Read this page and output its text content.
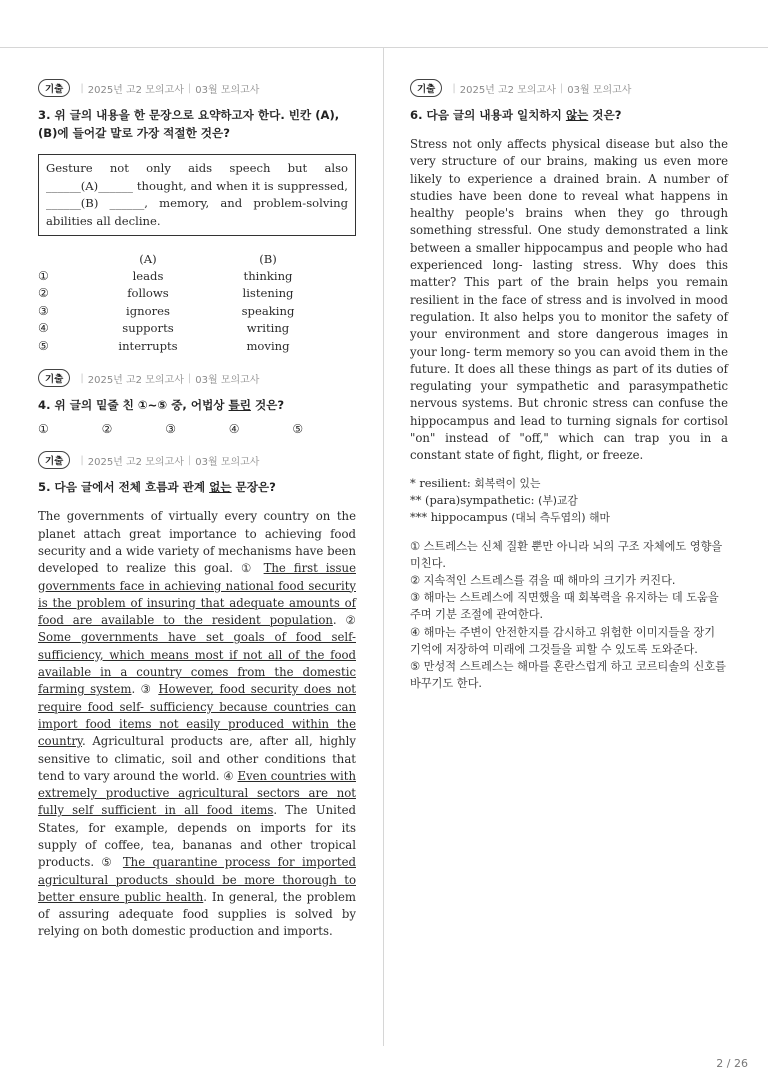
기출	| 2025년 고2 모의고사 | 03월 모의고사
3. 위 글의 내용을 한 문장으로 요약하고자 한다. 빈칸 (A), (B)에 들어갈 말로 가장 적절한 것은?
Gesture not only aids speech but also ______(A)______ thought, and when it is suppressed, ______(B) ______, memory, and problem-solving abilities all decline.
(A)	(B)
①	leads	thinking
②	follows	listening
③	ignores	speaking
④	supports	writing
⑤	interrupts	moving
기출	| 2025년 고2 모의고사 | 03월 모의고사
4. 위 글의 밑줄 친 ①~⑤ 중, 어법상 틀린 것은?
①	②	③	④	⑤
기출	| 2025년 고2 모의고사 | 03월 모의고사
5. 다음 글에서 전체 흐름과 관계 없는 문장은?
The governments of virtually every country on the planet attach great importance to achieving food security and a wide variety of mechanisms have been developed to realize this goal. ① The first issue governments face in achieving national food security is the problem of insuring that adequate amounts of food are available to the resident population. ② Some governments have set goals of food self- sufficiency, which means most if not all of the food available in a country comes from the domestic farming system. ③ However, food security does not require food self- sufficiency because countries can import food items not easily produced within the country. Agricultural products are, after all, highly sensitive to climatic, soil and other conditions that tend to vary around the world. ④ Even countries with extremely productive agricultural sectors are not fully self sufficient in all food items. The United States, for example, depends on imports for its supply of coffee, tea, bananas and other tropical products. ⑤ The quarantine process for imported agricultural products should be more thorough to better ensure public health. In general, the problem of assuring adequate food supplies is solved by relying on both domestic production and imports.
기출	| 2025년 고2 모의고사 | 03월 모의고사
6. 다음 글의 내용과 일치하지 않는 것은?
Stress not only affects physical disease but also the very structure of our brains, making us even more likely to experience a drained brain. A number of studies have been done to reveal what happens in healthy people's brains when they go through something stressful. One study demonstrated a link between a smaller hippocampus and people who had experienced long- lasting stress. Why does this matter? This part of the brain helps you remain resilient in the face of stress and is involved in mood regulation. It also helps you to monitor the safety of your environment and store dangerous images in your long- term memory so you can avoid them in the future. It does all these things as part of its duties of regulating your sympathetic and parasympathetic nervous systems. But chronic stress can confuse the hippocampus and lead to turning signals for cortisol "on" instead of "off," which can trap you in a constant state of fight, flight, or freeze.
* resilient: 회복력이 있는
** (para)sympathetic: (부)교감
*** hippocampus (대뇌 측두엽의) 해마
① 스트레스는 신체 질환 뿐만 아니라 뇌의 구조 자체에도 영향을 미친다.
② 지속적인 스트레스를 겪을 때 해마의 크기가 커진다.
③ 해마는 스트레스에 직면했을 때 회복력을 유지하는 데 도움을 주며 기분 조절에 관여한다.
④ 해마는 주변이 안전한지를 감시하고 위험한 이미지들을 장기 기억에 저장하여 미래에 그것들을 피할 수 있도록 도와준다.
⑤ 만성적 스트레스는 해마를 혼란스럽게 하고 코르티솔의 신호를 바꾸기도 한다.
2 / 26
